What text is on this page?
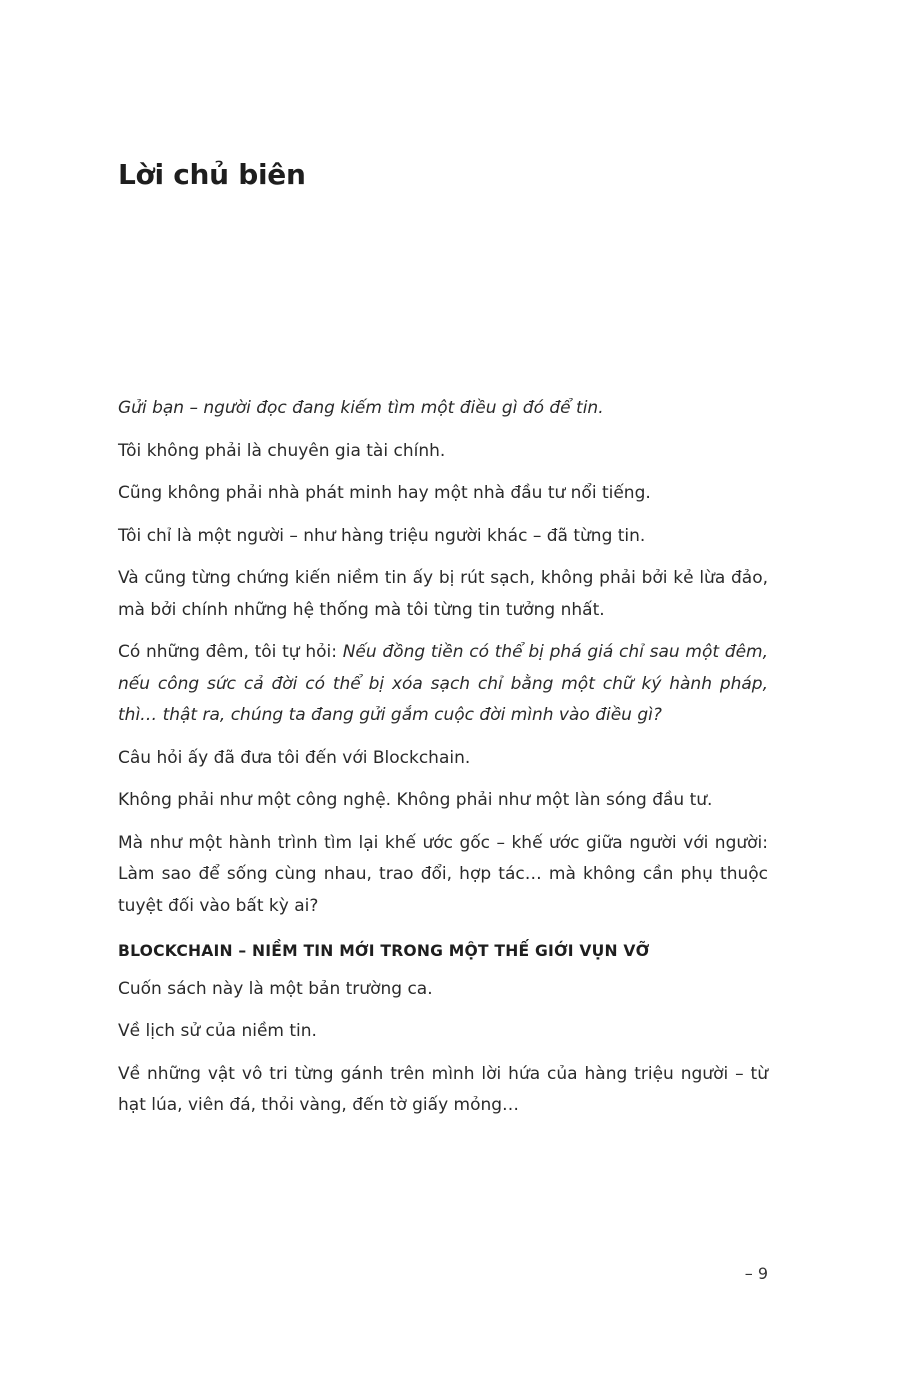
Lời chủ biên

Gửi bạn – người đọc đang kiếm tìm một điều gì đó để tin.

Tôi không phải là chuyên gia tài chính.

Cũng không phải nhà phát minh hay một nhà đầu tư nổi tiếng.

Tôi chỉ là một người – như hàng triệu người khác – đã từng tin.

Và cũng từng chứng kiến niềm tin ấy bị rút sạch, không phải bởi kẻ lừa đảo, mà bởi chính những hệ thống mà tôi từng tin tưởng nhất.

Có những đêm, tôi tự hỏi: Nếu đồng tiền có thể bị phá giá chỉ sau một đêm, nếu công sức cả đời có thể bị xóa sạch chỉ bằng một chữ ký hành pháp, thì… thật ra, chúng ta đang gửi gắm cuộc đời mình vào điều gì?

Câu hỏi ấy đã đưa tôi đến với Blockchain.

Không phải như một công nghệ. Không phải như một làn sóng đầu tư.

Mà như một hành trình tìm lại khế ước gốc – khế ước giữa người với người: Làm sao để sống cùng nhau, trao đổi, hợp tác… mà không cần phụ thuộc tuyệt đối vào bất kỳ ai?

BLOCKCHAIN – NIỀM TIN MỚI TRONG MỘT THẾ GIỚI VỤN VỠ

Cuốn sách này là một bản trường ca.

Về lịch sử của niềm tin.

Về những vật vô tri từng gánh trên mình lời hứa của hàng triệu người – từ hạt lúa, viên đá, thỏi vàng, đến tờ giấy mỏng…

– 9
